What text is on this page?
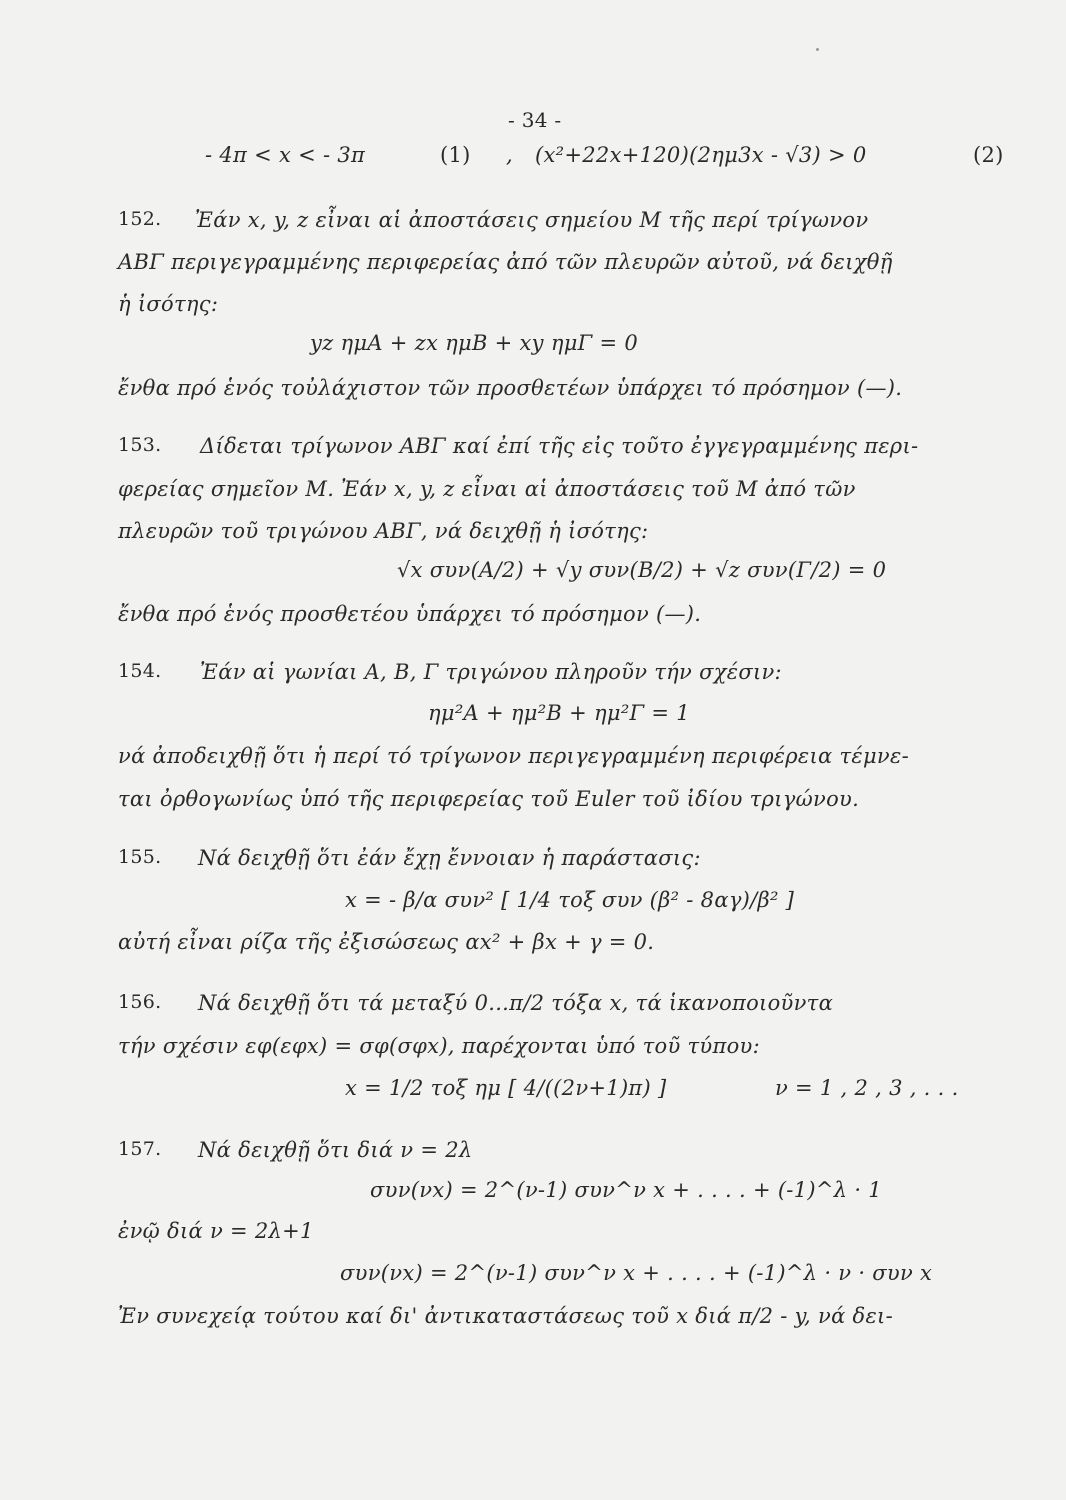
- 34 -
- 4π < x < - 3π	(1) , (x²+22x+120)(2ημ3x - √3) > 0	(2)
152. Ἐάν x, y, z εἶναι αἱ ἀποστάσεις σημείου Μ τῆς περί τρίγωνον
ΑΒΓ περιγεγραμμένης περιφερείας ἀπό τῶν πλευρῶν αὐτοῦ, νά δειχθῇ
ἡ ἰσότης:
yz ημΑ + zx ημΒ + xy ημΓ = 0
ἔνθα πρό ἑνός τοὐλάχιστον τῶν προσθετέων ὑπάρχει τό πρόσημον (—).
153. Δίδεται τρίγωνον ΑΒΓ καί ἐπί τῆς εἰς τοῦτο ἐγγεγραμμένης περι-
φερείας σημεῖον Μ. Ἐάν x, y, z εἶναι αἱ ἀποστάσεις τοῦ Μ ἀπό τῶν
πλευρῶν τοῦ τριγώνου ΑΒΓ, νά δειχθῇ ἡ ἰσότης:
√x συν(A/2) + √y συν(B/2) + √z συν(Γ/2) = 0
ἔνθα πρό ἑνός προσθετέου ὑπάρχει τό πρόσημον (—).
154. Ἐάν αἱ γωνίαι Α, Β, Γ τριγώνου πληροῦν τήν σχέσιν:
ημ²Α + ημ²Β + ημ²Γ = 1
νά ἀποδειχθῇ ὅτι ἡ περί τό τρίγωνον περιγεγραμμένη περιφέρεια τέμνε-
ται ὀρθογωνίως ὑπό τῆς περιφερείας τοῦ Euler τοῦ ἰδίου τριγώνου.
155. Νά δειχθῇ ὅτι ἐάν ἔχῃ ἔννοιαν ἡ παράστασις:
x = - β/α συν² [ 1/4 τοξ συν (β² - 8αγ)/β² ]
αὐτή εἶναι ρίζα τῆς ἐξισώσεως αx² + βx + γ = 0.
156. Νά δειχθῇ ὅτι τά μεταξύ 0...π/2 τόξα x, τά ἱκανοποιοῦντα
τήν σχέσιν εφ(εφx) = σφ(σφx), παρέχονται ὑπό τοῦ τύπου:
x = 1/2 τοξ ημ [ 4/((2ν+1)π) ]	ν = 1 , 2 , 3 , . . .
157. Νά δειχθῇ ὅτι διά ν = 2λ
συν(νx) = 2^(ν-1) συν^ν x + . . . . + (-1)^λ · 1
ἐνῷ διά ν = 2λ+1
συν(νx) = 2^(ν-1) συν^ν x + . . . . + (-1)^λ · ν · συν x
Ἐν συνεχείᾳ τούτου καί δι' ἀντικαταστάσεως τοῦ x διά π/2 - y, νά δει-
